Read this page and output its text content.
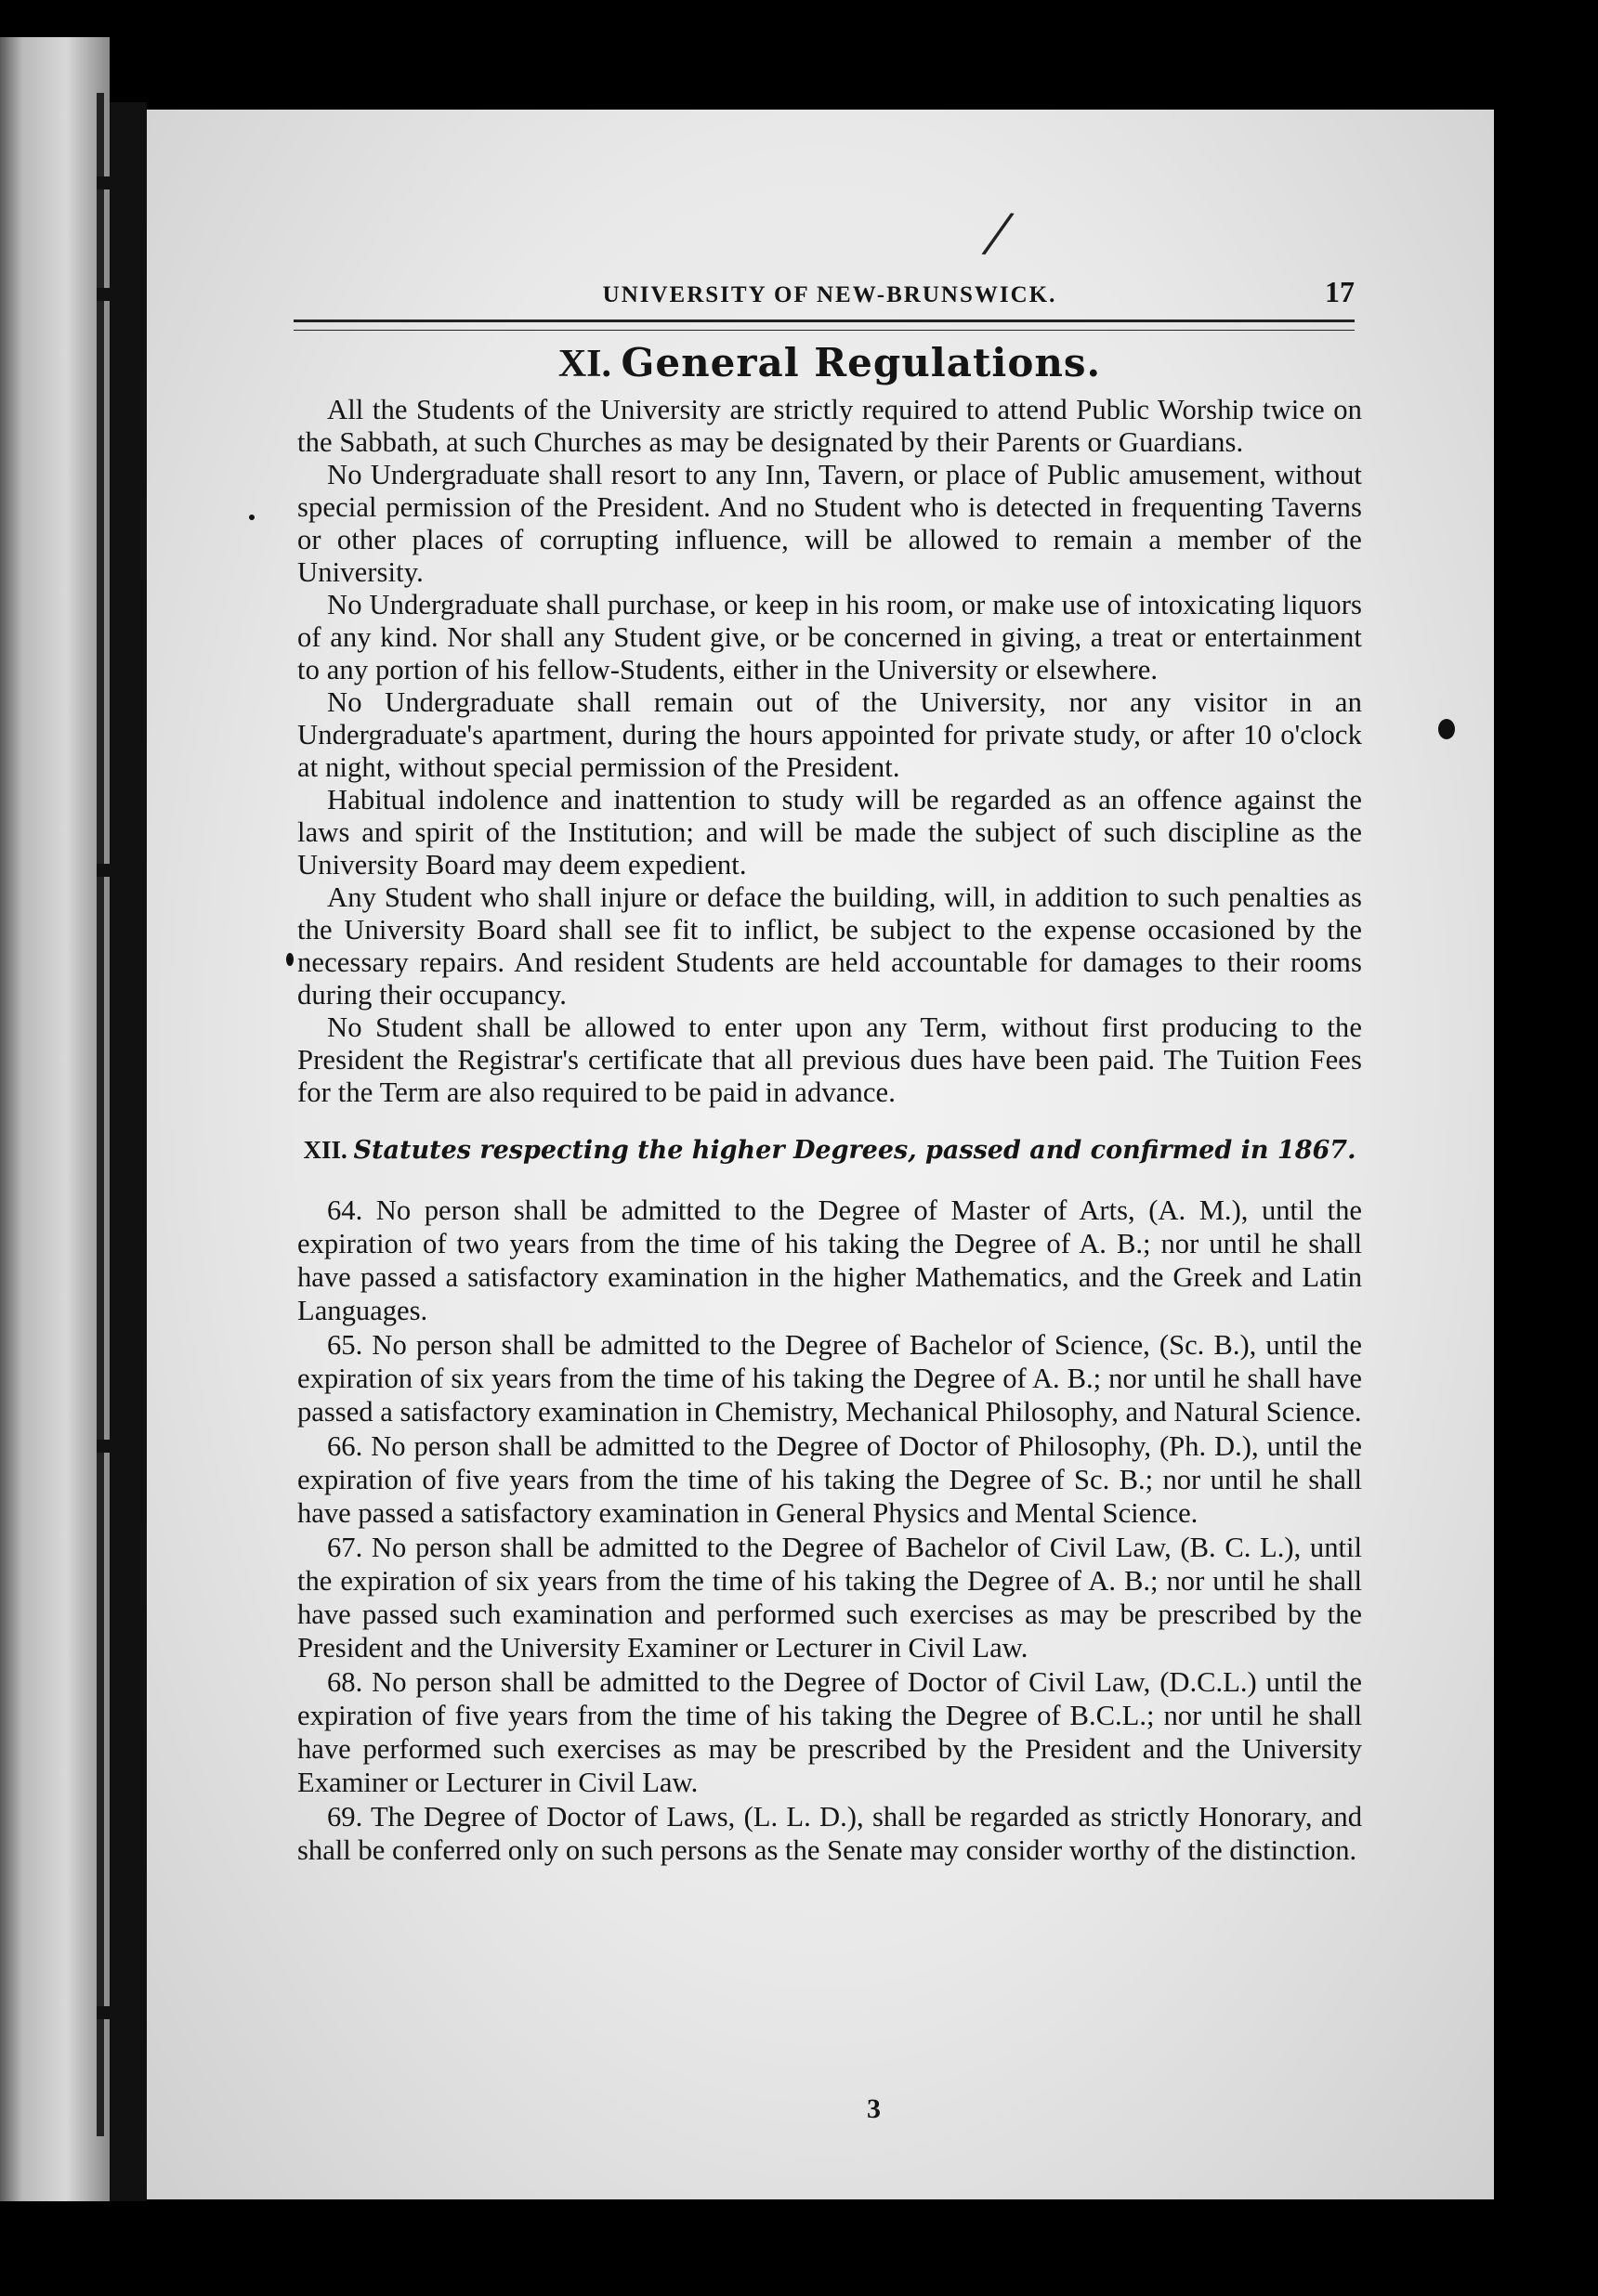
/
UNIVERSITY OF NEW-BRUNSWICK.	17
XI. General Regulations.

All the Students of the University are strictly required to attend Public Worship twice on the Sabbath, at such Churches as may be designated by their Parents or Guardians.

No Undergraduate shall resort to any Inn, Tavern, or place of Public amusement, without special permission of the President. And no Student who is detected in frequenting Taverns or other places of corrupting influence, will be allowed to remain a member of the University.

No Undergraduate shall purchase, or keep in his room, or make use of intoxicating liquors of any kind. Nor shall any Student give, or be concerned in giving, a treat or entertainment to any portion of his fellow-Students, either in the University or elsewhere.

No Undergraduate shall remain out of the University, nor any visitor in an Undergraduate's apartment, during the hours appointed for private study, or after 10 o'clock at night, without special permission of the President.

Habitual indolence and inattention to study will be regarded as an offence against the laws and spirit of the Institution; and will be made the subject of such discipline as the University Board may deem expedient.

Any Student who shall injure or deface the building, will, in addition to such penalties as the University Board shall see fit to inflict, be subject to the expense occasioned by the necessary repairs. And resident Students are held accountable for damages to their rooms during their occupancy.

No Student shall be allowed to enter upon any Term, without first producing to the President the Registrar's certificate that all previous dues have been paid. The Tuition Fees for the Term are also required to be paid in advance.

XII. Statutes respecting the higher Degrees, passed and confirmed in 1867.

64. No person shall be admitted to the Degree of Master of Arts, (A. M.), until the expiration of two years from the time of his taking the Degree of A. B.; nor until he shall have passed a satisfactory examination in the higher Mathematics, and the Greek and Latin Languages.

65. No person shall be admitted to the Degree of Bachelor of Science, (Sc. B.), until the expiration of six years from the time of his taking the Degree of A. B.; nor until he shall have passed a satisfactory examination in Chemistry, Mechanical Philosophy, and Natural Science.

66. No person shall be admitted to the Degree of Doctor of Philosophy, (Ph. D.), until the expiration of five years from the time of his taking the Degree of Sc. B.; nor until he shall have passed a satisfactory examination in General Physics and Mental Science.

67. No person shall be admitted to the Degree of Bachelor of Civil Law, (B. C. L.), until the expiration of six years from the time of his taking the Degree of A. B.; nor until he shall have passed such examination and performed such exercises as may be prescribed by the President and the University Examiner or Lecturer in Civil Law.

68. No person shall be admitted to the Degree of Doctor of Civil Law, (D.C.L.) until the expiration of five years from the time of his taking the Degree of B.C.L.; nor until he shall have performed such exercises as may be prescribed by the President and the University Examiner or Lecturer in Civil Law.

69. The Degree of Doctor of Laws, (L. L. D.), shall be regarded as strictly Honorary, and shall be conferred only on such persons as the Senate may consider worthy of the distinction.

3
